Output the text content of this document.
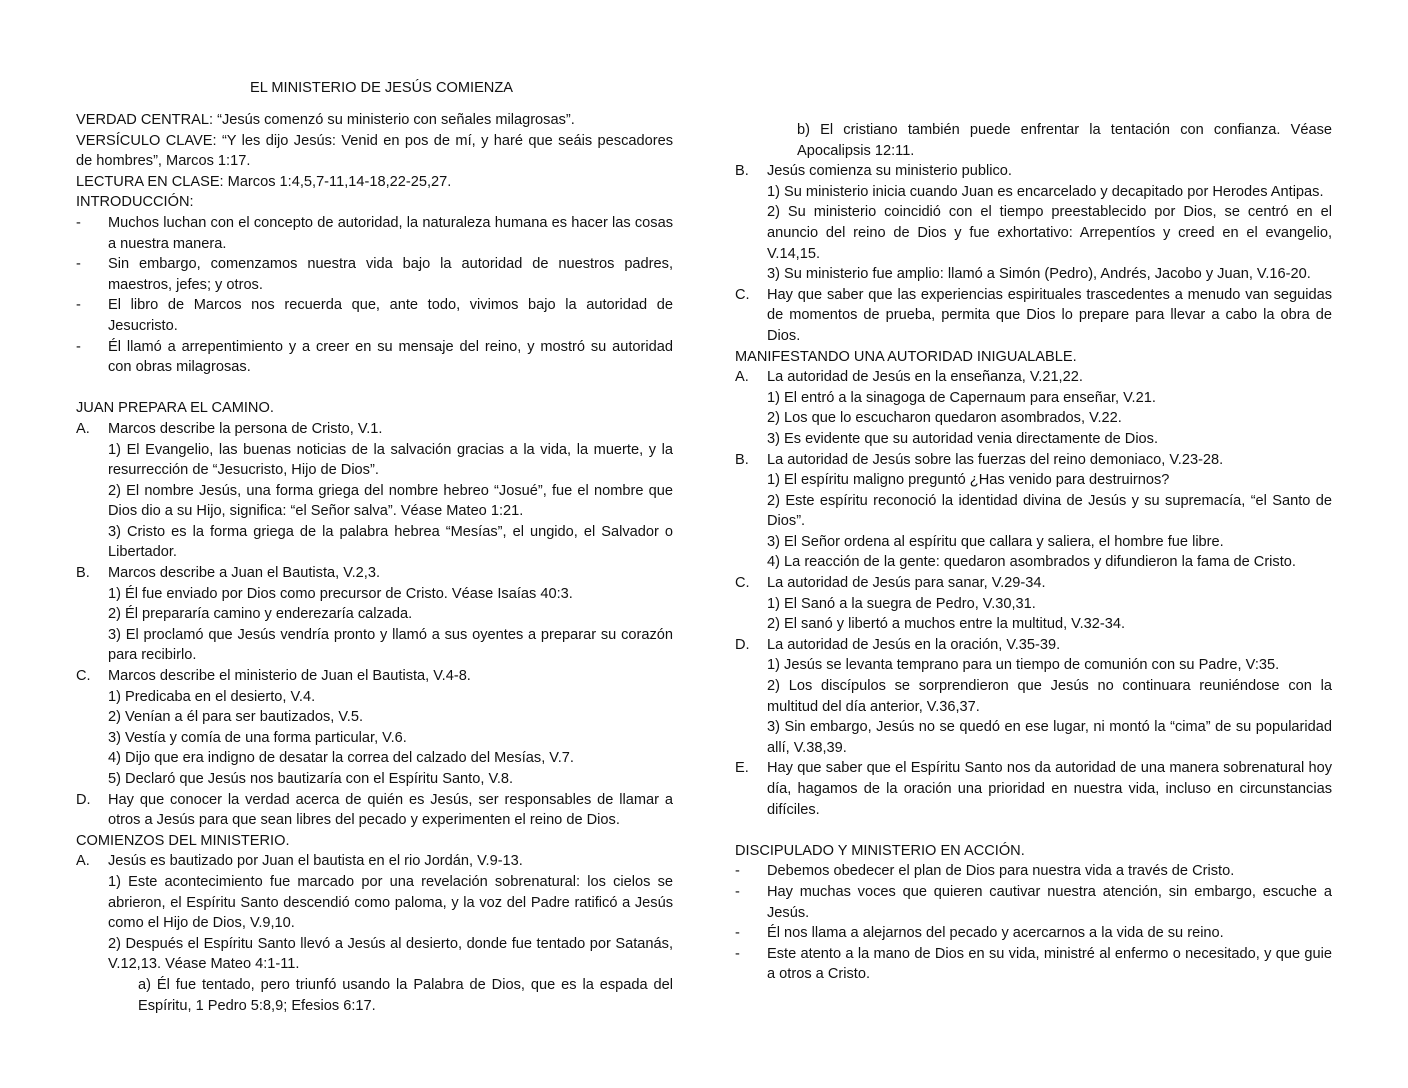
EL MINISTERIO DE JESÚS COMIENZA

VERDAD CENTRAL: “Jesús comenzó su ministerio con señales milagrosas”.

VERSÍCULO CLAVE: “Y les dijo Jesús: Venid en pos de mí, y haré que seáis pescadores de hombres”, Marcos 1:17.

LECTURA EN CLASE: Marcos 1:4,5,7-11,14-18,22-25,27.

INTRODUCCIÓN:

-	Muchos luchan con el concepto de autoridad, la naturaleza humana es hacer las cosas a nuestra manera.
-	Sin embargo, comenzamos nuestra vida bajo la autoridad de nuestros padres, maestros, jefes; y otros.
-	El libro de Marcos nos recuerda que, ante todo, vivimos bajo la autoridad de Jesucristo.
-	Él llamó a arrepentimiento y a creer en su mensaje del reino, y mostró su autoridad con obras milagrosas.

JUAN PREPARA EL CAMINO.

A.	Marcos describe la persona de Cristo, V.1.

1) El Evangelio, las buenas noticias de la salvación gracias a la vida, la muerte, y la resurrección de “Jesucristo, Hijo de Dios”.

2) El nombre Jesús, una forma griega del nombre hebreo “Josué”, fue el nombre que Dios dio a su Hijo, significa: “el Señor salva”. Véase Mateo 1:21.

3) Cristo es la forma griega de la palabra hebrea “Mesías”, el ungido, el Salvador o Libertador.

B.	Marcos describe a Juan el Bautista, V.2,3.

1) Él fue enviado por Dios como precursor de Cristo. Véase Isaías 40:3.

2) Él prepararía camino y enderezaría calzada.

3) El proclamó que Jesús vendría pronto y llamó a sus oyentes a preparar su corazón para recibirlo.

C.	Marcos describe el ministerio de Juan el Bautista, V.4-8.

1) Predicaba en el desierto, V.4.

2) Venían a él para ser bautizados, V.5.

3) Vestía y comía de una forma particular, V.6.

4) Dijo que era indigno de desatar la correa del calzado del Mesías, V.7.

5) Declaró que Jesús nos bautizaría con el Espíritu Santo, V.8.

D.	Hay que conocer la verdad acerca de quién es Jesús, ser responsables de llamar a otros a Jesús para que sean libres del pecado y experimenten el reino de Dios.

COMIENZOS DEL MINISTERIO.

A.	Jesús es bautizado por Juan el bautista en el rio Jordán, V.9-13.

1) Este acontecimiento fue marcado por una revelación sobrenatural: los cielos se abrieron, el Espíritu Santo descendió como paloma, y la voz del Padre ratificó a Jesús como el Hijo de Dios, V.9,10.

2) Después el Espíritu Santo llevó a Jesús al desierto, donde fue tentado por Satanás, V.12,13. Véase Mateo 4:1-11.

a) Él fue tentado, pero triunfó usando la Palabra de Dios, que es la espada del Espíritu, 1 Pedro 5:8,9; Efesios 6:17.

b) El cristiano también puede enfrentar la tentación con confianza. Véase Apocalipsis 12:11.

B.	Jesús comienza su ministerio publico.

1) Su ministerio inicia cuando Juan es encarcelado y decapitado por Herodes Antipas.

2) Su ministerio coincidió con el tiempo preestablecido por Dios, se centró en el anuncio del reino de Dios y fue exhortativo: Arrepentíos y creed en el evangelio, V.14,15.

3) Su ministerio fue amplio: llamó a Simón (Pedro), Andrés, Jacobo y Juan, V.16-20.

C.	Hay que saber que las experiencias espirituales trascedentes a menudo van seguidas de momentos de prueba, permita que Dios lo prepare para llevar a cabo la obra de Dios.

MANIFESTANDO UNA AUTORIDAD INIGUALABLE.

A.	La autoridad de Jesús en la enseñanza, V.21,22.

1) El entró a la sinagoga de Capernaum para enseñar, V.21.

2) Los que lo escucharon quedaron asombrados, V.22.

3) Es evidente que su autoridad venia directamente de Dios.

B.	La autoridad de Jesús sobre las fuerzas del reino demoniaco, V.23-28.

1) El espíritu maligno preguntó ¿Has venido para destruirnos?

2) Este espíritu reconoció la identidad divina de Jesús y su supremacía, “el Santo de Dios”.

3) El Señor ordena al espíritu que callara y saliera, el hombre fue libre.

4) La reacción de la gente: quedaron asombrados y difundieron la fama de Cristo.

C.	La autoridad de Jesús para sanar, V.29-34.

1) El Sanó a la suegra de Pedro, V.30,31.

2) El sanó y libertó a muchos entre la multitud, V.32-34.

D.	La autoridad de Jesús en la oración, V.35-39.

1) Jesús se levanta temprano para un tiempo de comunión con su Padre, V:35.

2) Los discípulos se sorprendieron que Jesús no continuara reuniéndose con la multitud del día anterior, V.36,37.

3) Sin embargo, Jesús no se quedó en ese lugar, ni montó la “cima” de su popularidad allí, V.38,39.

E.	Hay que saber que el Espíritu Santo nos da autoridad de una manera sobrenatural hoy día, hagamos de la oración una prioridad en nuestra vida, incluso en circunstancias difíciles.

DISCIPULADO Y MINISTERIO EN ACCIÓN.

-	Debemos obedecer el plan de Dios para nuestra vida a través de Cristo.
-	Hay muchas voces que quieren cautivar nuestra atención, sin embargo, escuche a Jesús.
-	Él nos llama a alejarnos del pecado y acercarnos a la vida de su reino.
-	Este atento a la mano de Dios en su vida, ministré al enfermo o necesitado, y que guie a otros a Cristo.
